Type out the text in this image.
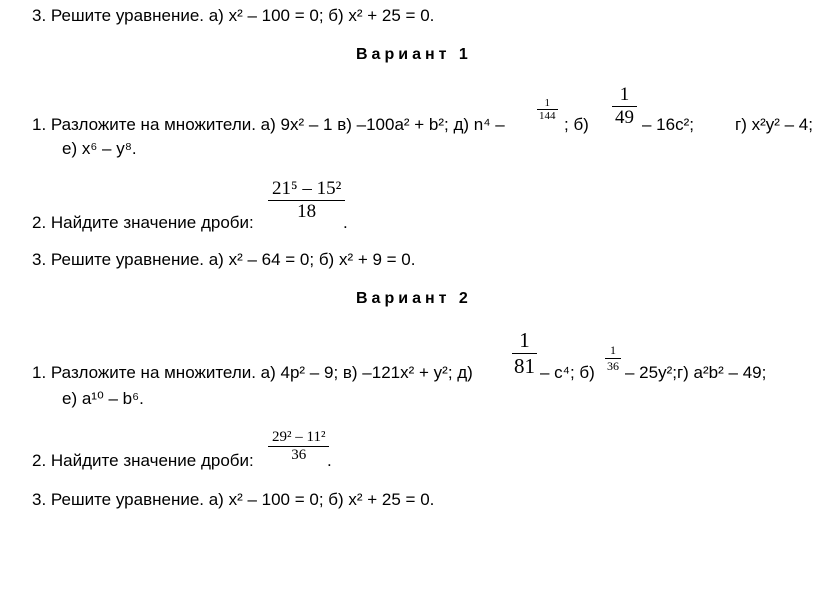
3. Решите уравнение. а) x² – 100 = 0; б) x² + 25 = 0.
Вариант 1
1. Разложите на множители. а) 9x² – 1 в) –100a² + b²; д) n⁴ –
$\frac{1}{144}$
; $б) \frac{1}{49} - 16c^2$; г) x²y² – 4;
е) x⁶ – y⁸.
$\frac{\text{21⁵ – 15²}}{18}$
2. Найдите значение дроби:	.
3. Решите уравнение. а) x² – 64 = 0; б) x² + 9 = 0.
Вариант 2
1. Разложите на множители. а) 4p² – 9; в) –121x² + y²; $д) \frac{1}{81} - c^4$; $б) \frac{1}{36}$ – 25y²;г) a²b² – 49;
е) a¹⁰ – b⁶.
$\frac{\text{29² – 11²}}{36}$
2. Найдите значение дроби:	.
3. Решите уравнение. а) x² – 100 = 0; б) x² + 25 = 0.
